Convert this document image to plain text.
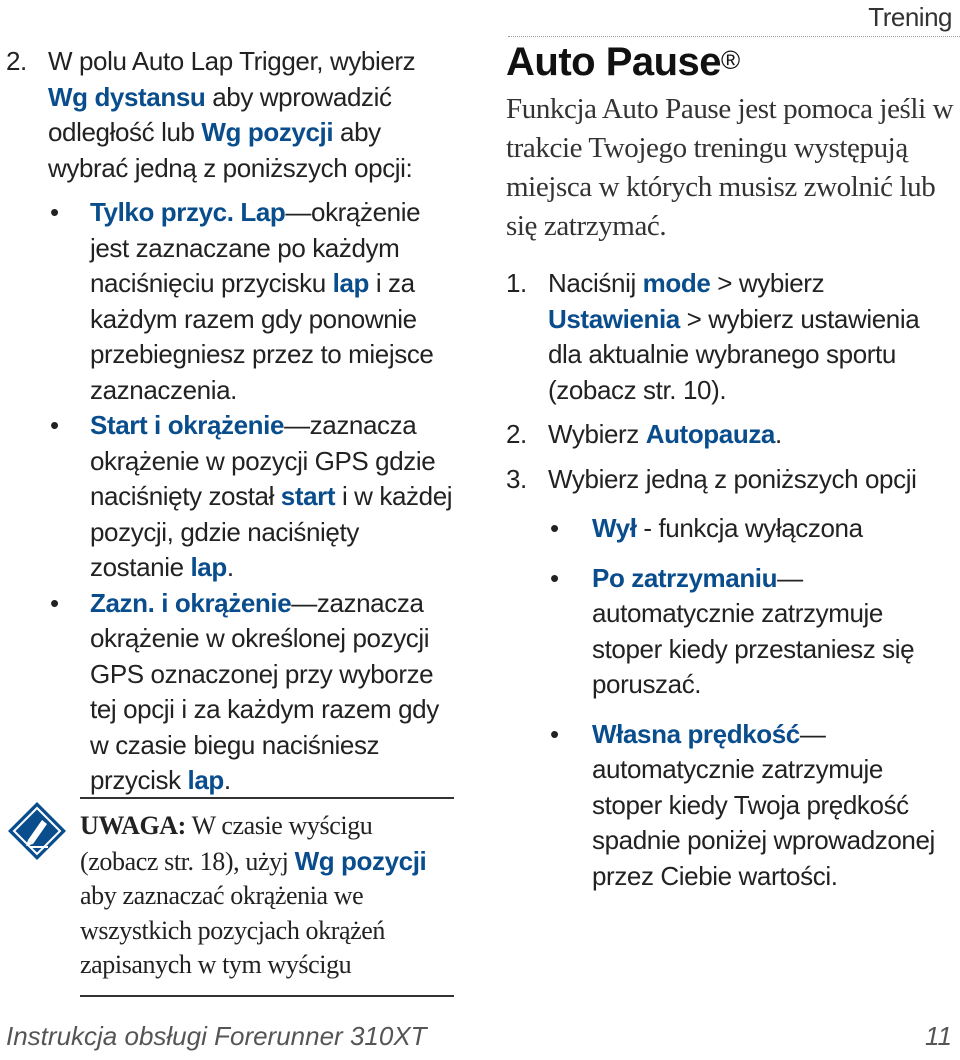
Trening
2. W polu Auto Lap Trigger, wybierz Wg dystansu aby wprowadzić odległość lub Wg pozycji aby wybrać jedną z poniższych opcji:
• Tylko przyc. Lap—okrążenie jest zaznaczane po każdym naciśnięciu przycisku lap i za każdym razem gdy ponownie przebiegniesz przez to miejsce zaznaczenia.
• Start i okrążenie—zaznacza okrążenie w pozycji GPS gdzie naciśnięty został start i w każdej pozycji, gdzie naciśnięty zostanie lap.
• Zazn. i okrążenie—zaznacza okrążenie w określonej pozycji GPS oznaczonej przy wyborze tej opcji i za każdym razem gdy w czasie biegu naciśniesz przycisk lap.
UWAGA: W czasie wyścigu (zobacz str. 18), użyj Wg pozycji aby zaznaczać okrążenia we wszystkich pozycjach okrążeń zapisanych w tym wyścigu
Auto Pause®
Funkcja Auto Pause jest pomoca jeśli w trakcie Twojego treningu występują miejsca w których musisz zwolnić lub się zatrzymać.
1. Naciśnij mode > wybierz Ustawienia > wybierz ustawienia dla aktualnie wybranego sportu (zobacz str. 10).
2. Wybierz Autopauza.
3. Wybierz jedną z poniższych opcji
• Wył - funkcja wyłączona
• Po zatrzymaniu— automatycznie zatrzymuje stoper kiedy przestaniesz się poruszać.
• Własna prędkość— automatycznie zatrzymuje stoper kiedy Twoja prędkość spadnie poniżej wprowadzonej przez Ciebie wartości.
Instrukcja obsługi Forerunner 310XT	11
